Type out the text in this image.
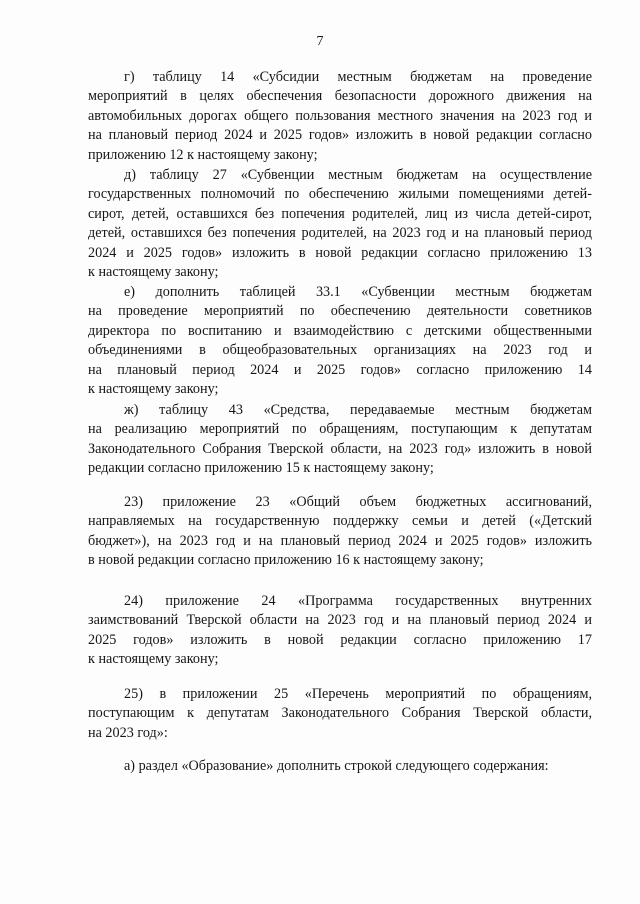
7
г) таблицу 14 «Субсидии местным бюджетам на проведение
мероприятий в целях обеспечения безопасности дорожного движения на
автомобильных дорогах общего пользования местного значения на 2023 год и
на плановый период 2024 и 2025 годов» изложить в новой редакции согласно
приложению 12 к настоящему закону;
д) таблицу 27 «Субвенции местным бюджетам на осуществление
государственных полномочий по обеспечению жилыми помещениями детей-
сирот, детей, оставшихся без попечения родителей, лиц из числа детей-сирот,
детей, оставшихся без попечения родителей, на 2023 год и на плановый период
2024 и 2025 годов» изложить в новой редакции согласно приложению 13
к настоящему закону;
е) дополнить таблицей 33.1 «Субвенции местным бюджетам
на проведение мероприятий по обеспечению деятельности советников
директора по воспитанию и взаимодействию с детскими общественными
объединениями в общеобразовательных организациях на 2023 год и
на плановый период 2024 и 2025 годов» согласно приложению 14
к настоящему закону;
ж) таблицу 43 «Средства, передаваемые местным бюджетам
на реализацию мероприятий по обращениям, поступающим к депутатам
Законодательного Собрания Тверской области, на 2023 год» изложить в новой
редакции согласно приложению 15 к настоящему закону;
23) приложение 23 «Общий объем бюджетных ассигнований,
направляемых на государственную поддержку семьи и детей («Детский
бюджет»), на 2023 год и на плановый период 2024 и 2025 годов» изложить
в новой редакции согласно приложению 16 к настоящему закону;
24) приложение 24 «Программа государственных внутренних
заимствований Тверской области на 2023 год и на плановый период 2024 и
2025 годов» изложить в новой редакции согласно приложению 17
к настоящему закону;
25) в приложении 25 «Перечень мероприятий по обращениям,
поступающим к депутатам Законодательного Собрания Тверской области,
на 2023 год»:
а) раздел «Образование» дополнить строкой следующего содержания:
